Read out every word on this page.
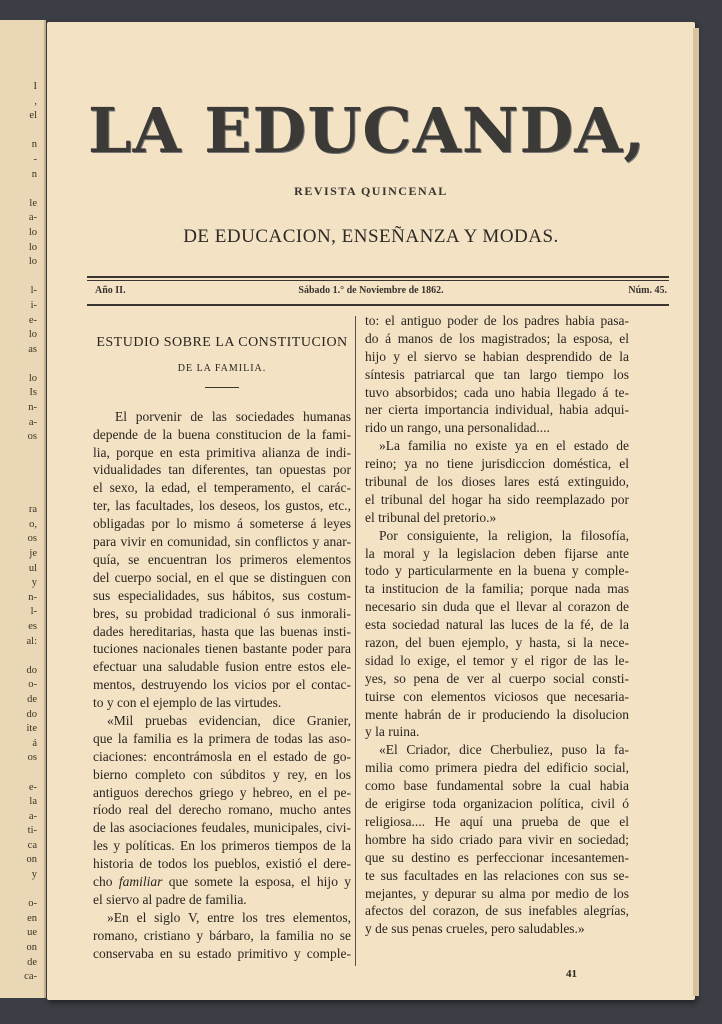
I
,
el
n
-
n
le
a-
lo
lo
lo
l-
i-
e-
lo
as
lo
Is
n-
a-
os
ra
o,
os
je
ul
y
n-
l-
es
al:
do
o-
de
do
ite
á
os
e-
la
a-
ti-
ca
on
y
o-
en
ue
on
de
ca-
LA EDUCANDA,
REVISTA QUINCENAL
DE EDUCACION, ENSEÑANZA Y MODAS.
Año II.	Sábado 1.° de Noviembre de 1862.	Núm. 45.
ESTUDIO SOBRE LA CONSTITUCION
DE LA FAMILIA.
El porvenir de las sociedades humanas
depende de la buena constitucion de la fami-
lia, porque en esta primitiva alianza de indi-
vidualidades tan diferentes, tan opuestas por
el sexo, la edad, el temperamento, el carác-
ter, las facultades, los deseos, los gustos, etc.,
obligadas por lo mismo á someterse á leyes
para vivir en comunidad, sin conflictos y anar-
quía, se encuentran los primeros elementos
del cuerpo social, en el que se distinguen con
sus especialidades, sus hábitos, sus costum-
bres, su probidad tradicional ó sus inmorali-
dades hereditarias, hasta que las buenas insti-
tuciones nacionales tienen bastante poder para
efectuar una saludable fusion entre estos ele-
mentos, destruyendo los vicios por el contac-
to y con el ejemplo de las virtudes.
«Mil pruebas evidencian, dice Granier,
que la familia es la primera de todas las aso-
ciaciones: encontrámosla en el estado de go-
bierno completo con súbditos y rey, en los
antiguos derechos griego y hebreo, en el pe-
ríodo real del derecho romano, mucho antes
de las asociaciones feudales, municipales, civi-
les y políticas. En los primeros tiempos de la
historia de todos los pueblos, existió el dere-
cho familiar que somete la esposa, el hijo y
el siervo al padre de familia.
»En el siglo V, entre los tres elementos,
romano, cristiano y bárbaro, la familia no se
conservaba en su estado primitivo y comple-
to: el antiguo poder de los padres habia pasa-
do á manos de los magistrados; la esposa, el
hijo y el siervo se habian desprendido de la
síntesis patriarcal que tan largo tiempo los
tuvo absorbidos; cada uno habia llegado á te-
ner cierta importancia individual, habia adqui-
rido un rango, una personalidad....
»La familia no existe ya en el estado de
reino; ya no tiene jurisdiccion doméstica, el
tribunal de los dioses lares está extinguido,
el tribunal del hogar ha sido reemplazado por
el tribunal del pretorio.»
Por consiguiente, la religion, la filosofía,
la moral y la legislacion deben fijarse ante
todo y particularmente en la buena y comple-
ta institucion de la familia; porque nada mas
necesario sin duda que el llevar al corazon de
esta sociedad natural las luces de la fé, de la
razon, del buen ejemplo, y hasta, si la nece-
sidad lo exige, el temor y el rigor de las le-
yes, so pena de ver al cuerpo social consti-
tuirse con elementos viciosos que necesaria-
mente habrán de ir produciendo la disolucion
y la ruina.
«El Criador, dice Cherbuliez, puso la fa-
milia como primera piedra del edificio social,
como base fundamental sobre la cual habia
de erigirse toda organizacion política, civil ó
religiosa.... He aquí una prueba de que el
hombre ha sido criado para vivir en sociedad;
que su destino es perfeccionar incesantemen-
te sus facultades en las relaciones con sus se-
mejantes, y depurar su alma por medio de los
afectos del corazon, de sus inefables alegrías,
y de sus penas crueles, pero saludables.»
41
